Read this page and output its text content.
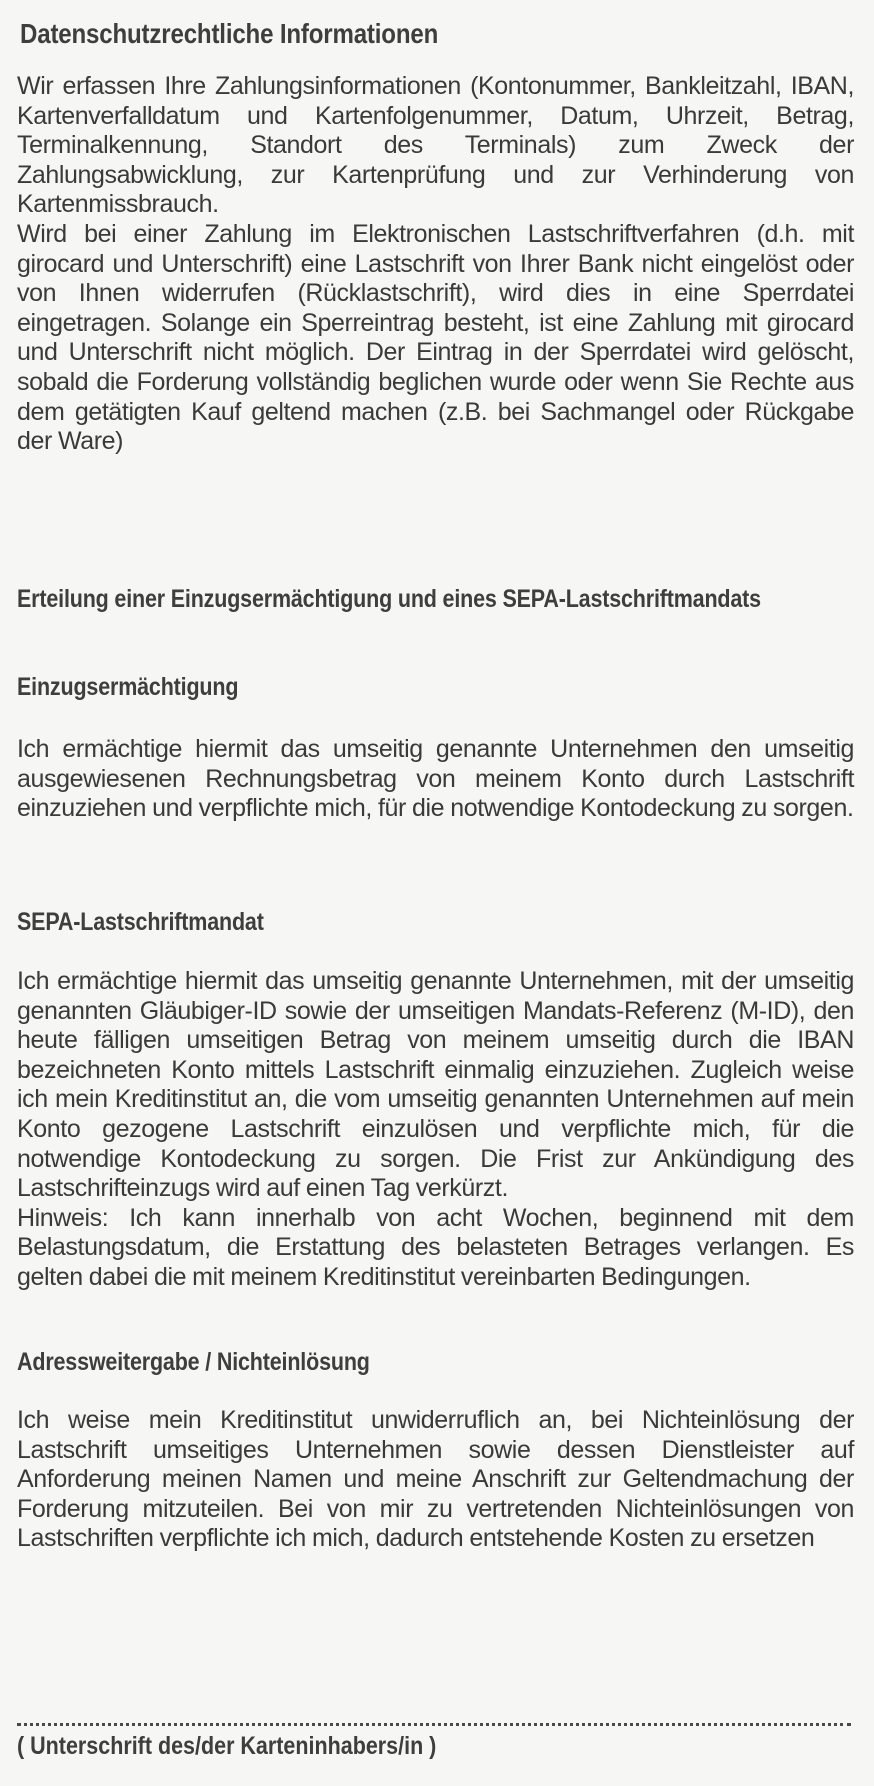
Datenschutzrechtliche Informationen

Wir erfassen Ihre Zahlungsinformationen (Kontonummer, Bankleitzahl, IBAN, Kartenverfalldatum und Kartenfolgenummer, Datum, Uhrzeit, Betrag, Terminalkennung, Standort des Terminals) zum Zweck der Zahlungsabwicklung, zur Kartenprüfung und zur Verhinderung von Kartenmissbrauch.
Wird bei einer Zahlung im Elektronischen Lastschriftverfahren (d.h. mit girocard und Unterschrift) eine Lastschrift von Ihrer Bank nicht eingelöst oder von Ihnen widerrufen (Rücklastschrift), wird dies in eine Sperrdatei eingetragen. Solange ein Sperreintrag besteht, ist eine Zahlung mit girocard und Unterschrift nicht möglich. Der Eintrag in der Sperrdatei wird gelöscht, sobald die Forderung vollständig beglichen wurde oder wenn Sie Rechte aus dem getätigten Kauf geltend machen (z.B. bei Sachmangel oder Rückgabe der Ware)

Erteilung einer Einzugsermächtigung und eines SEPA-Lastschriftmandats
Einzugsermächtigung

Ich ermächtige hiermit das umseitig genannte Unternehmen den umseitig ausgewiesenen Rechnungsbetrag von meinem Konto durch Lastschrift einzuziehen und verpflichte mich, für die notwendige Kontodeckung zu sorgen.

SEPA-Lastschriftmandat

Ich ermächtige hiermit das umseitig genannte Unternehmen, mit der umseitig genannten Gläubiger-ID sowie der umseitigen Mandats-Referenz (M-ID), den heute fälligen umseitigen Betrag von meinem umseitig durch die IBAN bezeichneten Konto mittels Lastschrift einmalig einzuziehen. Zugleich weise ich mein Kreditinstitut an, die vom umseitig genannten Unternehmen auf mein Konto gezogene Lastschrift einzulösen und verpflichte mich, für die notwendige Kontodeckung zu sorgen. Die Frist zur Ankündigung des Lastschrifteinzugs wird auf einen Tag verkürzt.
Hinweis: Ich kann innerhalb von acht Wochen, beginnend mit dem Belastungsdatum, die Erstattung des belasteten Betrages verlangen. Es gelten dabei die mit meinem Kreditinstitut vereinbarten Bedingungen.

Adressweitergabe / Nichteinlösung

Ich weise mein Kreditinstitut unwiderruflich an, bei Nichteinlösung der Lastschrift umseitiges Unternehmen sowie dessen Dienstleister auf Anforderung meinen Namen und meine Anschrift zur Geltendmachung der Forderung mitzuteilen. Bei von mir zu vertretenden Nichteinlösungen von Lastschriften verpflichte ich mich, dadurch entstehende Kosten zu ersetzen

( Unterschrift des/der Karteninhabers/in )
